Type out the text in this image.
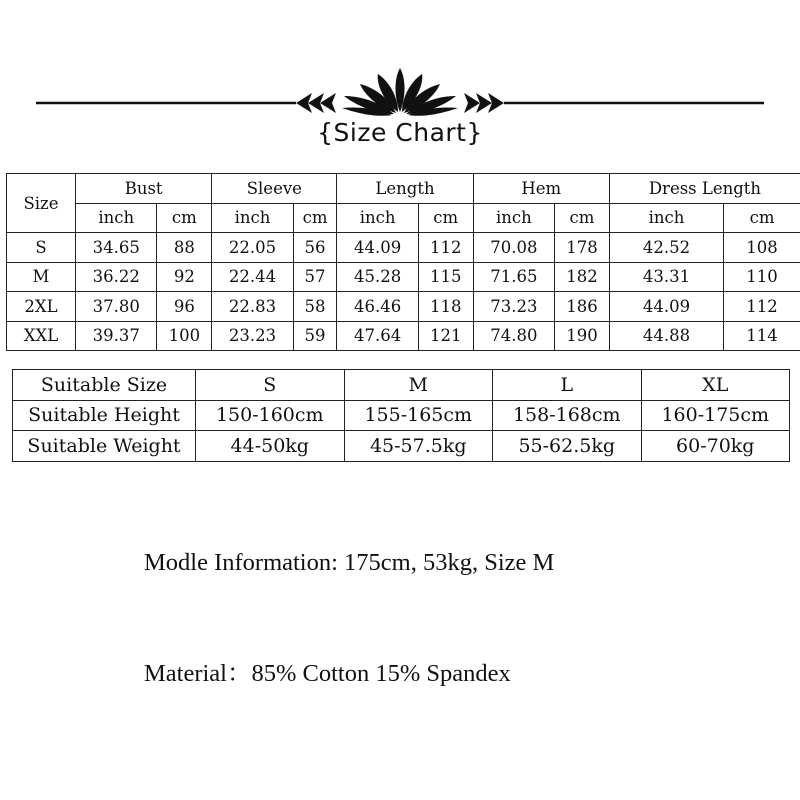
{Size Chart}
Size	Bust		Sleeve		Length		Hem		Dress Length	
	inch	cm	inch	cm	inch	cm	inch	cm	inch	cm
S	34.65	88	22.05	56	44.09	112	70.08	178	42.52	108
M	36.22	92	22.44	57	45.28	115	71.65	182	43.31	110
2XL	37.80	96	22.83	58	46.46	118	73.23	186	44.09	112
XXL	39.37	100	23.23	59	47.64	121	74.80	190	44.88	114
Suitable Size	S	M	L	XL
Suitable Height	150-160cm	155-165cm	158-168cm	160-175cm
Suitable Weight	44-50kg	45-57.5kg	55-62.5kg	60-70kg
Modle Information: 175cm, 53kg, Size M
Material：85% Cotton 15% Spandex
